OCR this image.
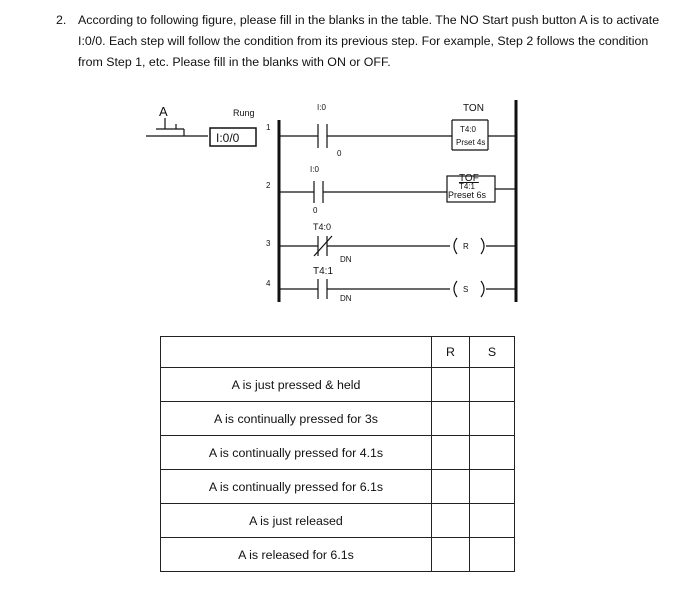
2. According to following figure, please fill in the blanks in the table. The NO Start push button A is to activate I:0/0. Each step will follow the condition from its previous step. For example, Step 2 follows the condition from Step 1, etc. Please fill in the blanks with ON or OFF.
A
I:0/0
Rung
1
2
3
4
I:0
0
I:0
0
T4:0
DN
T4:1
DN
TON
T4:0
Prset 4s
TOF
T4:1
Preset 6s
R
S
	R	S
A is just pressed & held		
A is continually pressed for 3s		
A is continually pressed for 4.1s		
A is continually pressed for 6.1s		
A is just released		
A is released for 6.1s		
